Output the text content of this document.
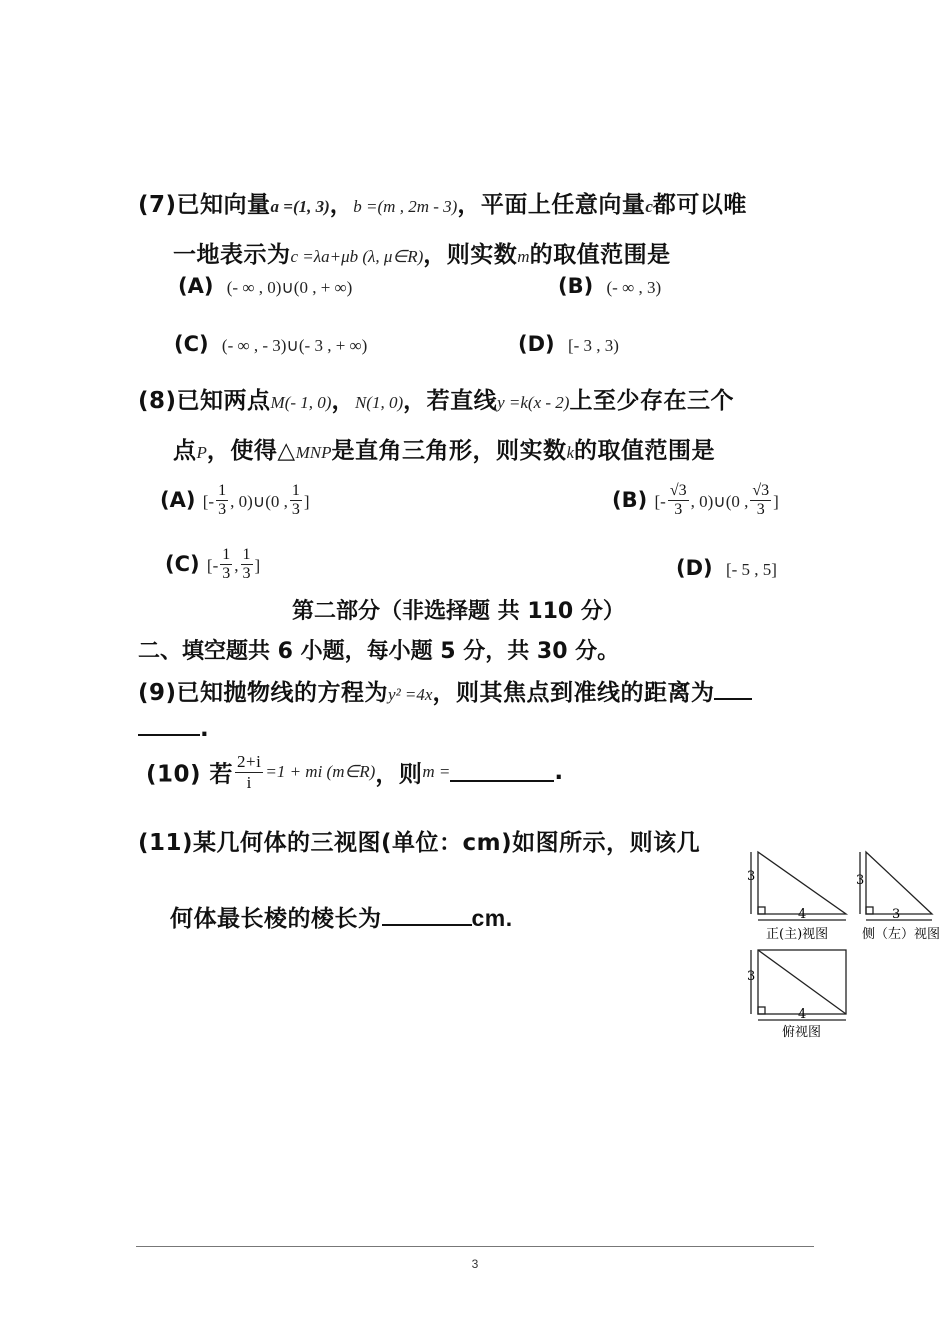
(7)已知向量a =(1, 3)，b =(m , 2m - 3)，平面上任意向量c都可以唯
一地表示为c =λa+μb (λ, μ∈R)，则实数m的取值范围是
(A) (- ∞ , 0)∪(0 , + ∞)	(B) (- ∞ , 3)
(C) (- ∞ , - 3)∪(- 3 , + ∞)	(D) [- 3 , 3)
(8)已知两点M(- 1, 0)，N(1, 0)，若直线y =k(x - 2)上至少存在三个
点P，使得△MNP是直角三角形，则实数k的取值范围是
(A) [- $\frac{1}{3}$ , 0)∪(0 , $\frac{1}{3}$ ]	(B) [- $\frac{√3}{3}$ , 0)∪(0 , $\frac{√3}{3}$ ]
(C) [- $\frac{1}{3}$ , $\frac{1}{3}$ ]	(D) [- 5 , 5]
第二部分（非选择题 共 110 分）
二、填空题共 6 小题，每小题 5 分，共 30 分。
(9)已知抛物线的方程为y² =4x，则其焦点到准线的距离为
.
(10) 若 $\frac{2+i}{i} =1$ + mi (m∈R)，则m =	.
(11)某几何体的三视图(单位：cm)如图所示，则该几
何体最长棱的棱长为	cm.
3
4
正(主)视图
3
3
侧（左）视图
3
4
俯视图
3
